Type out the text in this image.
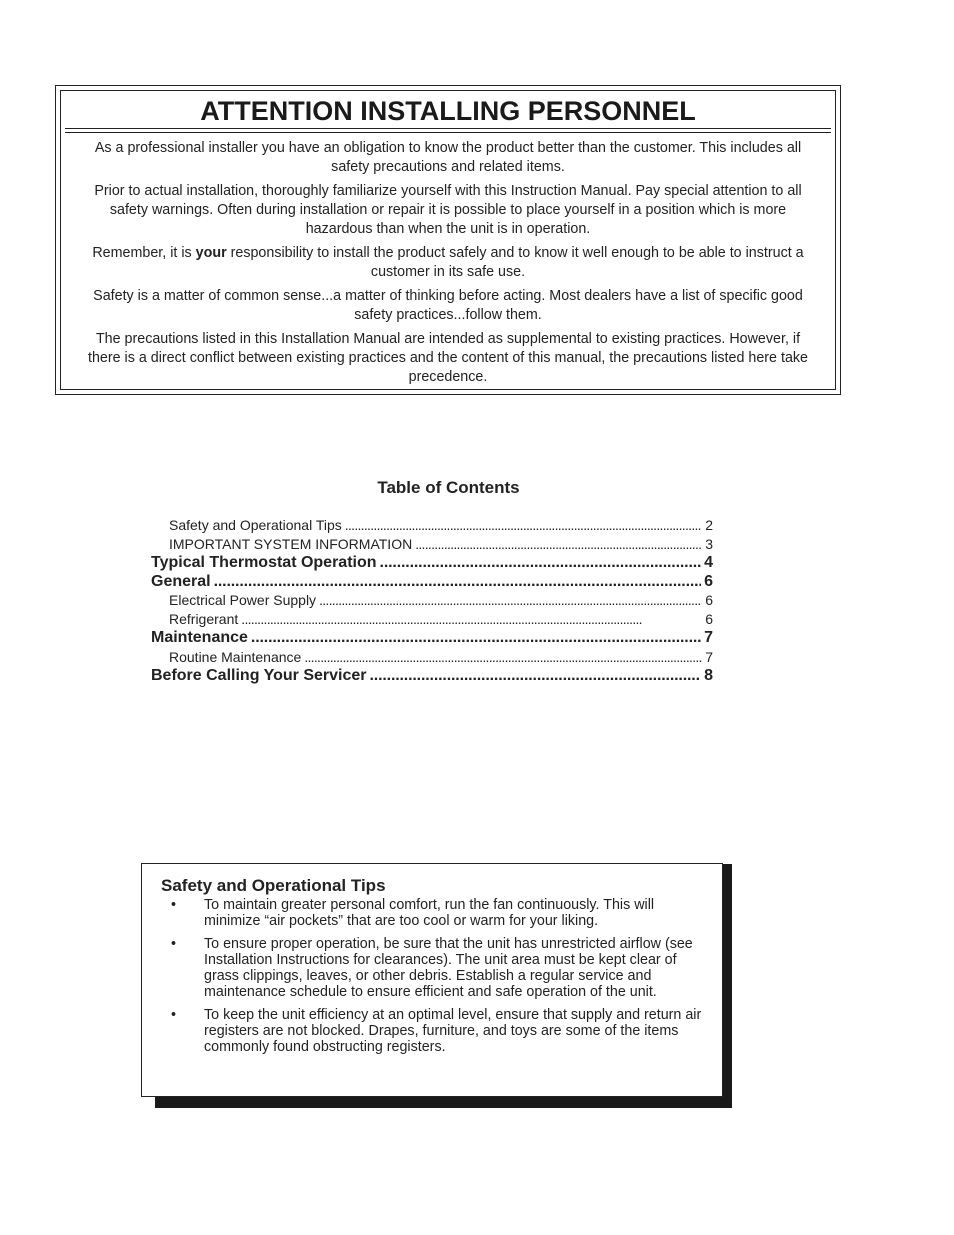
ATTENTION INSTALLING PERSONNEL

As a professional installer you have an obligation to know the product better than the customer. This includes all safety precautions and related items.

Prior to actual installation, thoroughly familiarize yourself with this Instruction Manual. Pay special attention to all safety warnings. Often during installation or repair it is possible to place yourself in a position which is more hazardous than when the unit is in operation.

Remember, it is your responsibility to install the product safely and to know it well enough to be able to instruct a customer in its safe use.

Safety is a matter of common sense...a matter of thinking before acting. Most dealers have a list of specific good safety practices...follow them.

The precautions listed in this Installation Manual are intended as supplemental to existing practices. However, if there is a direct conflict between existing practices and the content of this manual, the precautions listed here take precedence.

Table of Contents
Safety and Operational Tips . . .	2
IMPORTANT SYSTEM INFORMATION . . .	3
Typical Thermostat Operation . . .	4
General . . .	6
Electrical Power Supply . . .	6
Refrigerant . . .	6
Maintenance . . .	7
Routine Maintenance . . .	7
Before Calling Your Servicer . . .	8
Safety and Operational Tips
• To maintain greater personal comfort, run the fan continuously. This will minimize “air pockets” that are too cool or warm for your liking.
• To ensure proper operation, be sure that the unit has unrestricted airflow (see Installation Instructions for clearances). The unit area must be kept clear of grass clippings, leaves, or other debris. Establish a regular service and maintenance schedule to ensure efficient and safe operation of the unit.
• To keep the unit efficiency at an optimal level, ensure that supply and return air registers are not blocked. Drapes, furniture, and toys are some of the items commonly found obstructing registers.
